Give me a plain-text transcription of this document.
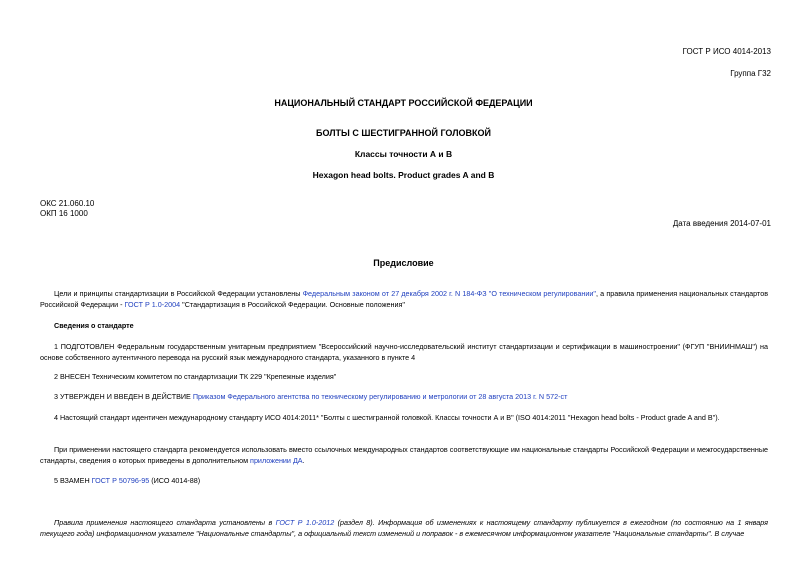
ГОСТ Р ИСО 4014-2013
Группа Г32
НАЦИОНАЛЬНЫЙ СТАНДАРТ РОССИЙСКОЙ ФЕДЕРАЦИИ
БОЛТЫ С ШЕСТИГРАННОЙ ГОЛОВКОЙ
Классы точности А и В
Hexagon head bolts. Product grades A and B
ОКС 21.060.10
ОКП 16 1000
Дата введения 2014-07-01
Предисловие
Цели и принципы стандартизации в Российской Федерации установлены Федеральным законом от 27 декабря 2002 г. N 184-ФЗ "О техническом регулировании", а правила применения национальных стандартов Российской Федерации - ГОСТ Р 1.0-2004 "Стандартизация в Российской Федерации. Основные положения"
Сведения о стандарте
1 ПОДГОТОВЛЕН Федеральным государственным унитарным предприятием "Всероссийский научно-исследовательский институт стандартизации и сертификации в машиностроении" (ФГУП "ВНИИНМАШ") на основе собственного аутентичного перевода на русский язык международного стандарта, указанного в пункте 4
2 ВНЕСЕН Техническим комитетом по стандартизации ТК 229 "Крепежные изделия"
3 УТВЕРЖДЕН И ВВЕДЕН В ДЕЙСТВИЕ Приказом Федерального агентства по техническому регулированию и метрологии от 28 августа 2013 г. N 572-ст
4 Настоящий стандарт идентичен международному стандарту ИСО 4014:2011* "Болты с шестигранной головкой. Классы точности А и В" (ISO 4014:2011 "Hexagon head bolts - Product grade A and B").
При применении настоящего стандарта рекомендуется использовать вместо ссылочных международных стандартов соответствующие им национальные стандарты Российской Федерации и межгосударственные стандарты, сведения о которых приведены в дополнительном приложении ДА.
5 ВЗАМЕН ГОСТ Р 50796-95 (ИСО 4014-88)
Правила применения настоящего стандарта установлены в ГОСТ Р 1.0-2012 (раздел 8). Информация об изменениях к настоящему стандарту публикуется в ежегодном (по состоянию на 1 января текущего года) информационном указателе "Национальные стандарты", а официальный текст изменений и поправок - в ежемесячном информационном указателе "Национальные стандарты". В случае
